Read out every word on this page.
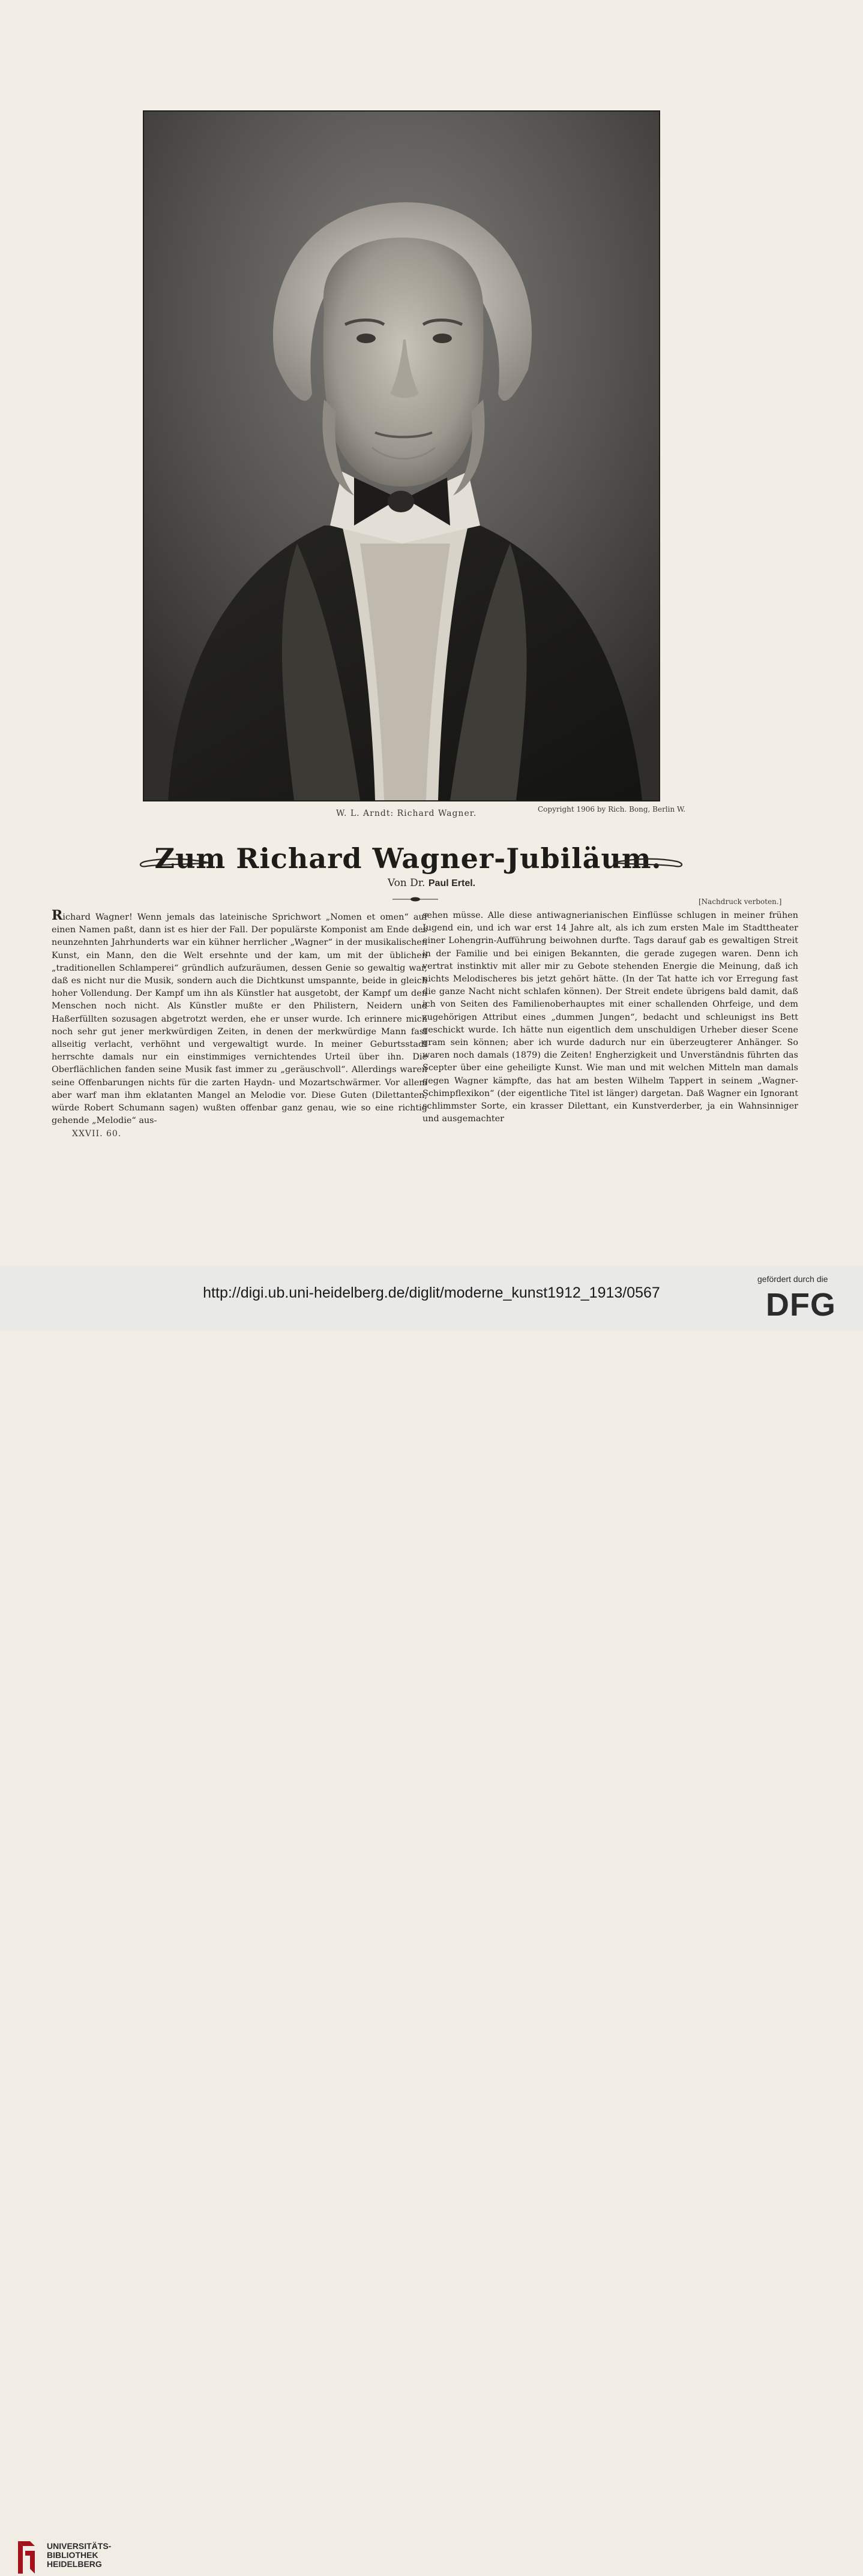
W. L. Arndt: Richard Wagner.	Copyright 1906 by Rich. Bong, Berlin W.
Zum Richard Wagner-Jubiläum.
Von Dr. Paul Ertel.
[Nachdruck verboten.]

Richard Wagner! Wenn jemals das lateinische Sprichwort „Nomen et omen“ auf einen Namen paßt, dann ist es hier der Fall. Der populärste Komponist am Ende des neunzehnten Jahrhunderts war ein kühner herrlicher „Wagner“ in der musikalischen Kunst, ein Mann, den die Welt ersehnte und der kam, um mit der üblichen „traditionellen Schlamperei“ gründlich aufzuräumen, dessen Genie so gewaltig war, daß es nicht nur die Musik, sondern auch die Dichtkunst umspannte, beide in gleich hoher Vollendung. Der Kampf um ihn als Künstler hat ausgetobt, der Kampf um den Menschen noch nicht. Als Künstler mußte er den Philistern, Neidern und Haßerfüllten sozusagen abgetrotzt werden, ehe er unser wurde. Ich erinnere mich noch sehr gut jener merkwürdigen Zeiten, in denen der merkwürdige Mann fast allseitig verlacht, verhöhnt und vergewaltigt wurde. In meiner Geburtsstadt herrschte damals nur ein einstimmiges vernichtendes Urteil über ihn. Die Oberflächlichen fanden seine Musik fast immer zu „geräuschvoll“. Allerdings waren seine Offenbarungen nichts für die zarten Haydn- und Mozartschwärmer. Vor allem aber warf man ihm eklatanten Mangel an Melodie vor. Diese Guten (Dilettanten, würde Robert Schumann sagen) wußten offenbar ganz genau, wie so eine richtig gehende „Melodie“ aus-

sehen müsse. Alle diese antiwagnerianischen Einflüsse schlugen in meiner frühen Jugend ein, und ich war erst 14 Jahre alt, als ich zum ersten Male im Stadttheater einer Lohengrin-Aufführung beiwohnen durfte. Tags darauf gab es gewaltigen Streit in der Familie und bei einigen Bekannten, die gerade zugegen waren. Denn ich vertrat instinktiv mit aller mir zu Gebote stehenden Energie die Meinung, daß ich nichts Melodischeres bis jetzt gehört hätte. (In der Tat hatte ich vor Erregung fast die ganze Nacht nicht schlafen können). Der Streit endete übrigens bald damit, daß ich von Seiten des Familienoberhauptes mit einer schallenden Ohrfeige, und dem zugehörigen Attribut eines „dummen Jungen“, bedacht und schleunigst ins Bett geschickt wurde. Ich hätte nun eigentlich dem unschuldigen Urheber dieser Scene gram sein können; aber ich wurde dadurch nur ein überzeugterer Anhänger. So waren noch damals (1879) die Zeiten! Engherzigkeit und Unverständnis führten das Scepter über eine geheiligte Kunst. Wie man und mit welchen Mitteln man damals gegen Wagner kämpfte, das hat am besten Wilhelm Tappert in seinem „Wagner-Schimpflexikon“ (der eigentliche Titel ist länger) dargetan. Daß Wagner ein Ignorant schlimmster Sorte, ein krasser Dilettant, ein Kunstverderber, ja ein Wahnsinniger und ausgemachter

XXVII. 60.
UNIVERSITÄTS-
BIBLIOTHEK
HEIDELBERG
http://digi.ub.uni-heidelberg.de/diglit/moderne_kunst1912_1913/0567
gefördert durch die
DFG
